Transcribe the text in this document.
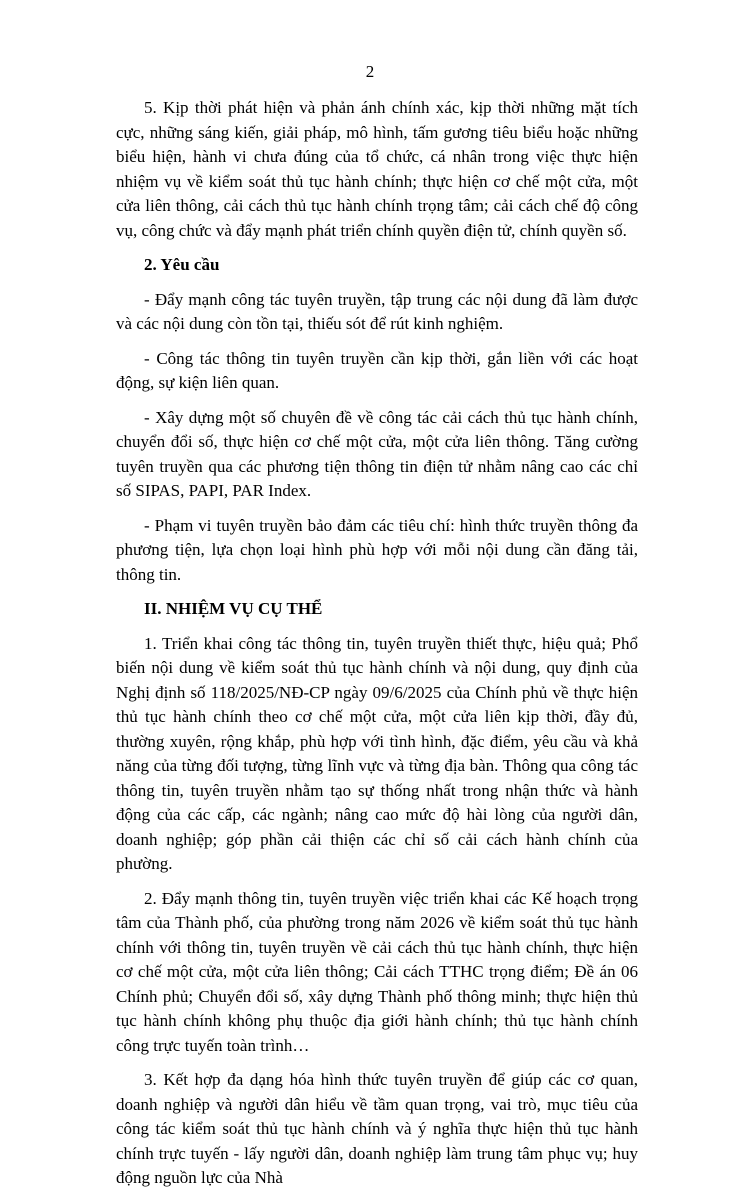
2

5. Kịp thời phát hiện và phản ánh chính xác, kịp thời những mặt tích cực, những sáng kiến, giải pháp, mô hình, tấm gương tiêu biểu hoặc những biểu hiện, hành vi chưa đúng của tổ chức, cá nhân trong việc thực hiện nhiệm vụ về kiểm soát thủ tục hành chính; thực hiện cơ chế một cửa, một cửa liên thông, cải cách thủ tục hành chính trọng tâm; cải cách chế độ công vụ, công chức và đẩy mạnh phát triển chính quyền điện tử, chính quyền số.

2. Yêu cầu

- Đẩy mạnh công tác tuyên truyền, tập trung các nội dung đã làm được và các nội dung còn tồn tại, thiếu sót để rút kinh nghiệm.

- Công tác thông tin tuyên truyền cần kịp thời, gắn liền với các hoạt động, sự kiện liên quan.

- Xây dựng một số chuyên đề về công tác cải cách thủ tục hành chính, chuyển đổi số, thực hiện cơ chế một cửa, một cửa liên thông. Tăng cường tuyên truyền qua các phương tiện thông tin điện tử nhằm nâng cao các chỉ số SIPAS, PAPI, PAR Index.

- Phạm vi tuyên truyền bảo đảm các tiêu chí: hình thức truyền thông đa phương tiện, lựa chọn loại hình phù hợp với mỗi nội dung cần đăng tải, thông tin.

II. NHIỆM VỤ CỤ THỂ

1. Triển khai công tác thông tin, tuyên truyền thiết thực, hiệu quả; Phổ biến nội dung về kiểm soát thủ tục hành chính và nội dung, quy định của Nghị định số 118/2025/NĐ-CP ngày 09/6/2025 của Chính phủ về thực hiện thủ tục hành chính theo cơ chế một cửa, một cửa liên kịp thời, đầy đủ, thường xuyên, rộng khắp, phù hợp với tình hình, đặc điểm, yêu cầu và khả năng của từng đối tượng, từng lĩnh vực và từng địa bàn. Thông qua công tác thông tin, tuyên truyền nhằm tạo sự thống nhất trong nhận thức và hành động của các cấp, các ngành; nâng cao mức độ hài lòng của người dân, doanh nghiệp; góp phần cải thiện các chỉ số cải cách hành chính của phường.

2. Đẩy mạnh thông tin, tuyên truyền việc triển khai các Kế hoạch trọng tâm của Thành phố, của phường trong năm 2026 về kiểm soát thủ tục hành chính với thông tin, tuyên truyền về cải cách thủ tục hành chính, thực hiện cơ chế một cửa, một cửa liên thông; Cải cách TTHC trọng điểm; Đề án 06 Chính phủ; Chuyển đổi số, xây dựng Thành phố thông minh; thực hiện thủ tục hành chính không phụ thuộc địa giới hành chính; thủ tục hành chính công trực tuyến toàn trình…

3. Kết hợp đa dạng hóa hình thức tuyên truyền để giúp các cơ quan, doanh nghiệp và người dân hiểu về tầm quan trọng, vai trò, mục tiêu của công tác kiểm soát thủ tục hành chính và ý nghĩa thực hiện thủ tục hành chính trực tuyến - lấy người dân, doanh nghiệp làm trung tâm phục vụ; huy động nguồn lực của Nhà
